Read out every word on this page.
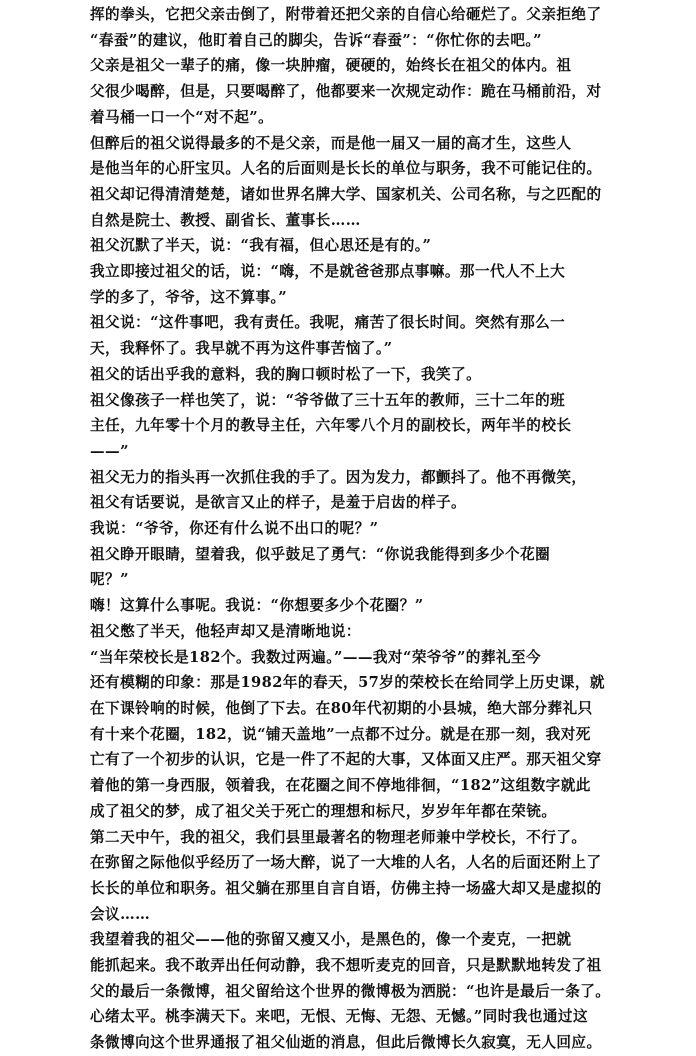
挥的拳头，它把父亲击倒了，附带着还把父亲的自信心给砸烂了。父亲拒绝了
“春蚕”的建议，他盯着自己的脚尖，告诉“春蚕”：“你忙你的去吧。”

父亲是祖父一辈子的痛，像一块肿瘤，硬硬的，始终长在祖父的体内。祖
父很少喝醉，但是，只要喝醉了，他都要来一次规定动作：跪在马桶前沿，对
着马桶一口一个“对不起”。

但醉后的祖父说得最多的不是父亲，而是他一届又一届的高才生，这些人
是他当年的心肝宝贝。人名的后面则是长长的单位与职务，我不可能记住的。
祖父却记得清清楚楚，诸如世界名牌大学、国家机关、公司名称，与之匹配的
自然是院士、教授、副省长、董事长……

祖父沉默了半天，说：“我有福，但心思还是有的。”

我立即接过祖父的话，说：“嗨，不是就爸爸那点事嘛。那一代人不上大
学的多了，爷爷，这不算事。”

祖父说：“这件事吧，我有责任。我呢，痛苦了很长时间。突然有那么一
天，我释怀了。我早就不再为这件事苦恼了。”

祖父的话出乎我的意料，我的胸口顿时松了一下，我笑了。

祖父像孩子一样也笑了，说：“爷爷做了三十五年的教师，三十二年的班
主任，九年零十个月的教导主任，六年零八个月的副校长，两年半的校长
——”

祖父无力的指头再一次抓住我的手了。因为发力，都颤抖了。他不再微笑，
祖父有话要说，是欲言又止的样子，是羞于启齿的样子。

我说：“爷爷，你还有什么说不出口的呢？”

祖父睁开眼睛，望着我，似乎鼓足了勇气：“你说我能得到多少个花圈
呢？”

嗨！这算什么事呢。我说：“你想要多少个花圈？”

祖父憋了半天，他轻声却又是清晰地说：

“当年荣校长是182个。我数过两遍。”——我对“荣爷爷”的葬礼至今
还有模糊的印象：那是1982年的春天，57岁的荣校长在给同学上历史课，就
在下课铃响的时候，他倒了下去。在80年代初期的小县城，绝大部分葬礼只
有十来个花圈，182，说“铺天盖地”一点都不过分。就是在那一刻，我对死
亡有了一个初步的认识，它是一件了不起的大事，又体面又庄严。那天祖父穿
着他的第一身西服，领着我，在花圈之间不停地徘徊，“182”这组数字就此
成了祖父的梦，成了祖父关于死亡的理想和标尺，岁岁年年都在荣铳。

第二天中午，我的祖父，我们县里最著名的物理老师兼中学校长，不行了。
在弥留之际他似乎经历了一场大醉，说了一大堆的人名，人名的后面还附上了
长长的单位和职务。祖父躺在那里自言自语，仿佛主持一场盛大却又是虚拟的
会议……

我望着我的祖父——他的弥留又瘦又小，是黑色的，像一个麦克，一把就
能抓起来。我不敢弄出任何动静，我不想听麦克的回音，只是默默地转发了祖
父的最后一条微博，祖父留给这个世界的微博极为洒脱：“也许是最后一条了。
心绪太平。桃李满天下。来吧，无恨、无悔、无怨、无憾。”同时我也通过这
条微博向这个世界通报了祖父仙逝的消息，但此后微博长久寂寞，无人回应。
